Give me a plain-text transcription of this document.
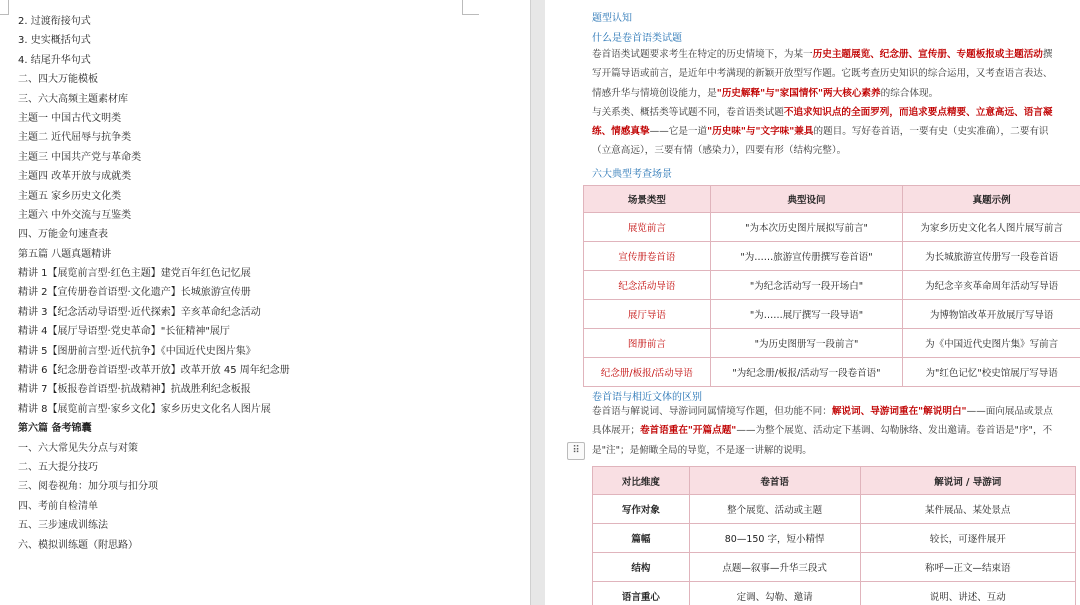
2. 过渡衔接句式
3. 史实概括句式
4. 结尾升华句式
二、四大万能模板
三、六大高频主题素材库
主题一 中国古代文明类
主题二 近代屈辱与抗争类
主题三 中国共产党与革命类
主题四 改革开放与成就类
主题五 家乡历史文化类
主题六 中外交流与互鉴类
四、万能金句速查表
第五篇 八题真题精讲
精讲 1【展览前言型·红色主题】建党百年红色记忆展
精讲 2【宣传册卷首语型·文化遗产】长城旅游宣传册
精讲 3【纪念活动导语型·近代探索】辛亥革命纪念活动
精讲 4【展厅导语型·党史革命】"长征精神"展厅
精讲 5【图册前言型·近代抗争】《中国近代史图片集》
精讲 6【纪念册卷首语型·改革开放】改革开放 45 周年纪念册
精讲 7【板报卷首语型·抗战精神】抗战胜利纪念板报
精讲 8【展览前言型·家乡文化】家乡历史文化名人图片展
第六篇 备考锦囊
一、六大常见失分点与对策
二、五大提分技巧
三、阅卷视角：加分项与扣分项
四、考前自检清单
五、三步速成训练法
六、模拟训练题（附思路）
题型认知
什么是卷首语类试题
卷首语类试题要求考生在特定的历史情境下，为某一历史主题展览、纪念册、宣传册、专题板报或主题活动撰
写开篇导语或前言，是近年中考满现的新颖开放型写作题。它既考查历史知识的综合运用，又考查语言表达、
情感升华与情境创设能力，是"历史解释"与"家国情怀"两大核心素养的综合体现。
与关系类、概括类等试题不同，卷首语类试题不追求知识点的全面罗列，而追求要点精要、立意高远、语言凝
练、情感真挚——它是一道"历史味"与"文字味"兼具的题目。写好卷首语，一要有史（史实准确），二要有识
（立意高远），三要有情（感染力），四要有形（结构完整）。
六大典型考查场景
卷首语与相近文体的区别
卷首语与解说词、导游词同属情境写作题，但功能不同：解说词、导游词重在"解说明白"——面向展品或景点
具体展开；卷首语重在"开篇点题"——为整个展览、活动定下基调、勾勒脉络、发出邀请。卷首语是"序"，不
是"注"；是俯瞰全局的导览，不是逐一讲解的说明。
场景类型	典型设问	真题示例
展览前言	"为本次历史图片展拟写前言"	为家乡历史文化名人图片展写前言
宣传册卷首语	"为……旅游宣传册撰写卷首语"	为长城旅游宣传册写一段卷首语
纪念活动导语	"为纪念活动写一段开场白"	为纪念辛亥革命周年活动写导语
展厅导语	"为……展厅撰写一段导语"	为博物馆改革开放展厅写导语
图册前言	"为历史图册写一段前言"	为《中国近代史图片集》写前言
纪念册/板报/活动导语	"为纪念册/板报/活动写一段卷首语"	为"红色记忆"校史馆展厅写导语
对比维度	卷首语	解说词 / 导游词
写作对象	整个展览、活动或主题	某件展品、某处景点
篇幅	80—150 字，短小精悍	较长，可逐件展开
结构	点题—叙事—升华三段式	称呼—正文—结束语
语言重心	定调、勾勒、邀请	说明、讲述、互动
⠿
